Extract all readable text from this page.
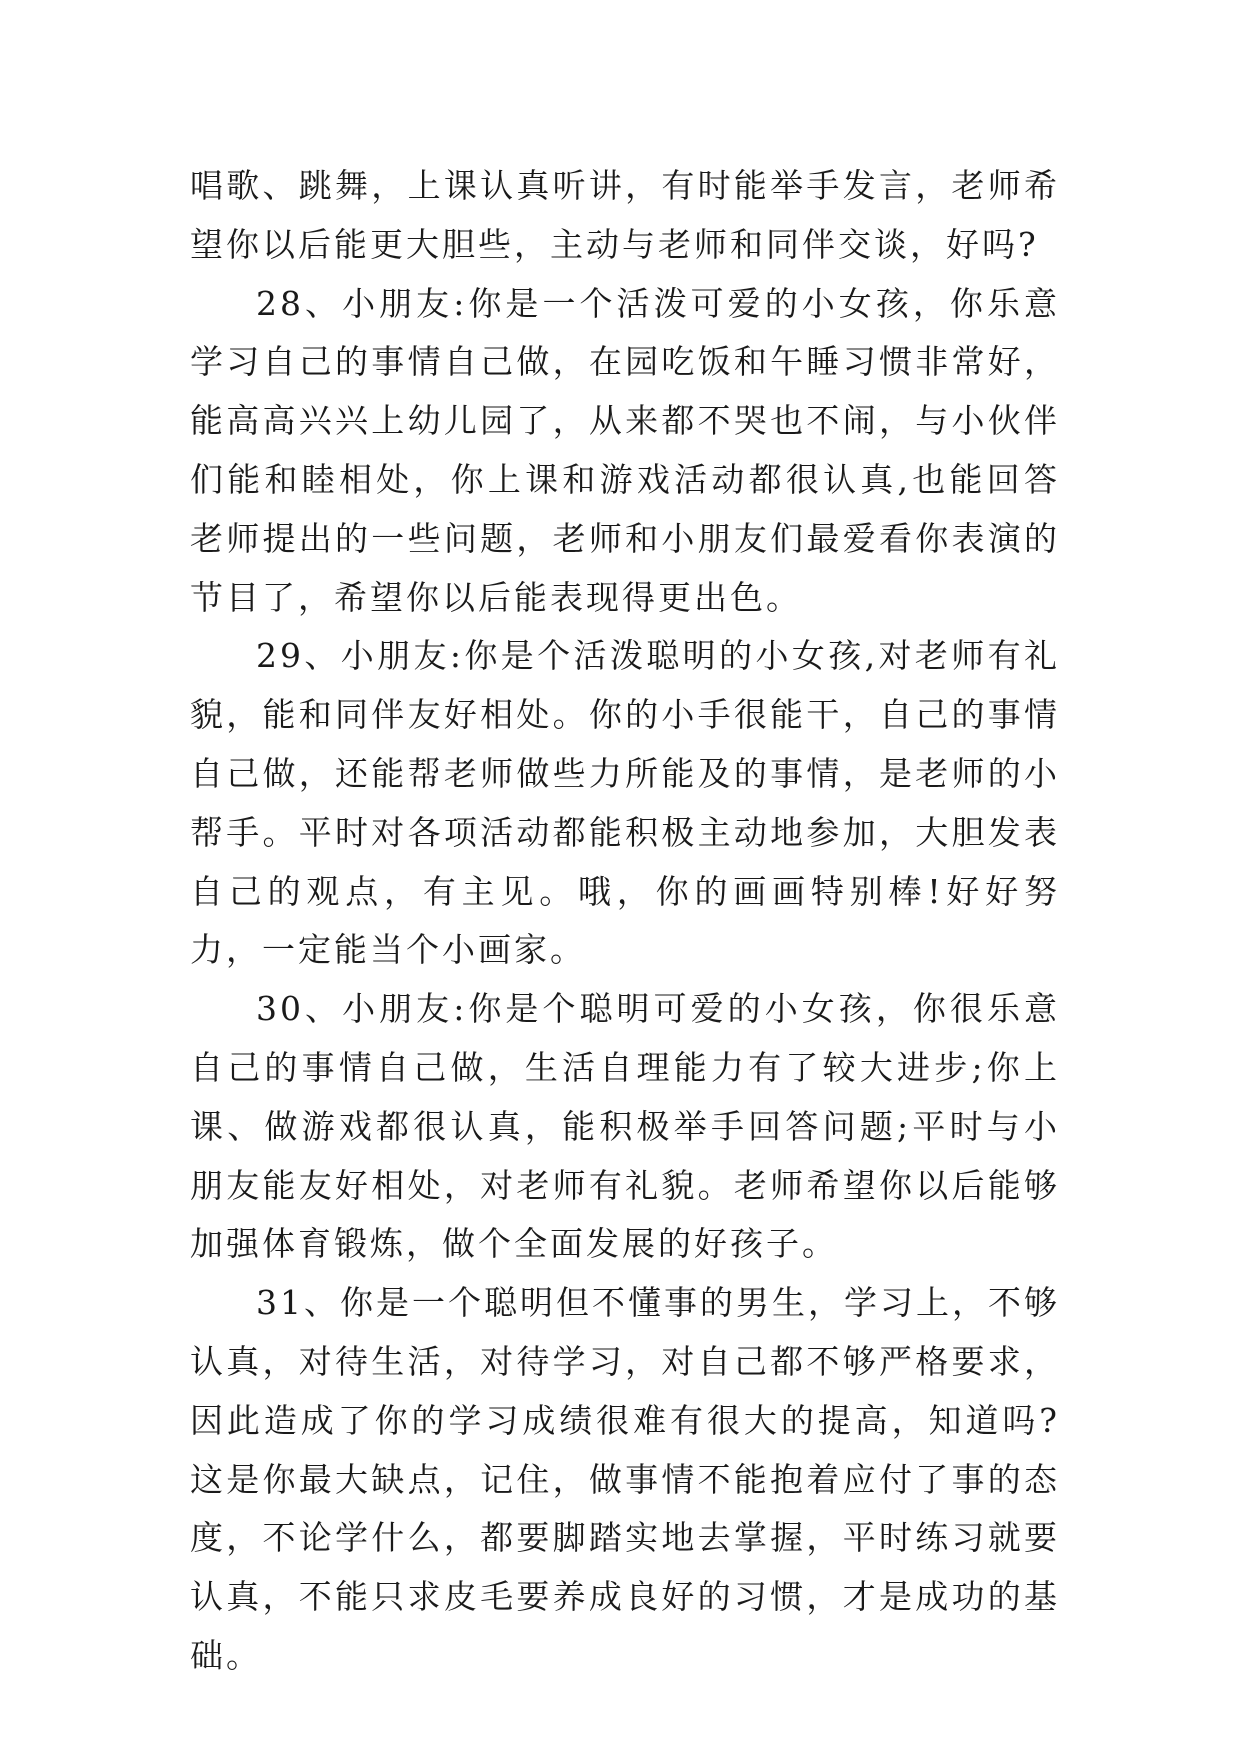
唱歌、跳舞，上课认真听讲，有时能举手发言，老师希望你以后能更大胆些，主动与老师和同伴交谈，好吗?

28、小朋友:你是一个活泼可爱的小女孩，你乐意学习自己的事情自己做，在园吃饭和午睡习惯非常好，能高高兴兴上幼儿园了，从来都不哭也不闹，与小伙伴们能和睦相处，你上课和游戏活动都很认真,也能回答老师提出的一些问题，老师和小朋友们最爱看你表演的节目了，希望你以后能表现得更出色。

29、小朋友:你是个活泼聪明的小女孩,对老师有礼貌，能和同伴友好相处。你的小手很能干，自己的事情自己做，还能帮老师做些力所能及的事情，是老师的小帮手。平时对各项活动都能积极主动地参加，大胆发表自己的观点，有主见。哦，你的画画特别棒!好好努力，一定能当个小画家。

30、小朋友:你是个聪明可爱的小女孩，你很乐意自己的事情自己做，生活自理能力有了较大进步;你上课、做游戏都很认真，能积极举手回答问题;平时与小朋友能友好相处，对老师有礼貌。老师希望你以后能够加强体育锻炼，做个全面发展的好孩子。

31、你是一个聪明但不懂事的男生，学习上，不够认真，对待生活，对待学习，对自己都不够严格要求，因此造成了你的学习成绩很难有很大的提高，知道吗?这是你最大缺点，记住，做事情不能抱着应付了事的态度，不论学什么，都要脚踏实地去掌握，平时练习就要认真，不能只求皮毛要养成良好的习惯，才是成功的基础。
